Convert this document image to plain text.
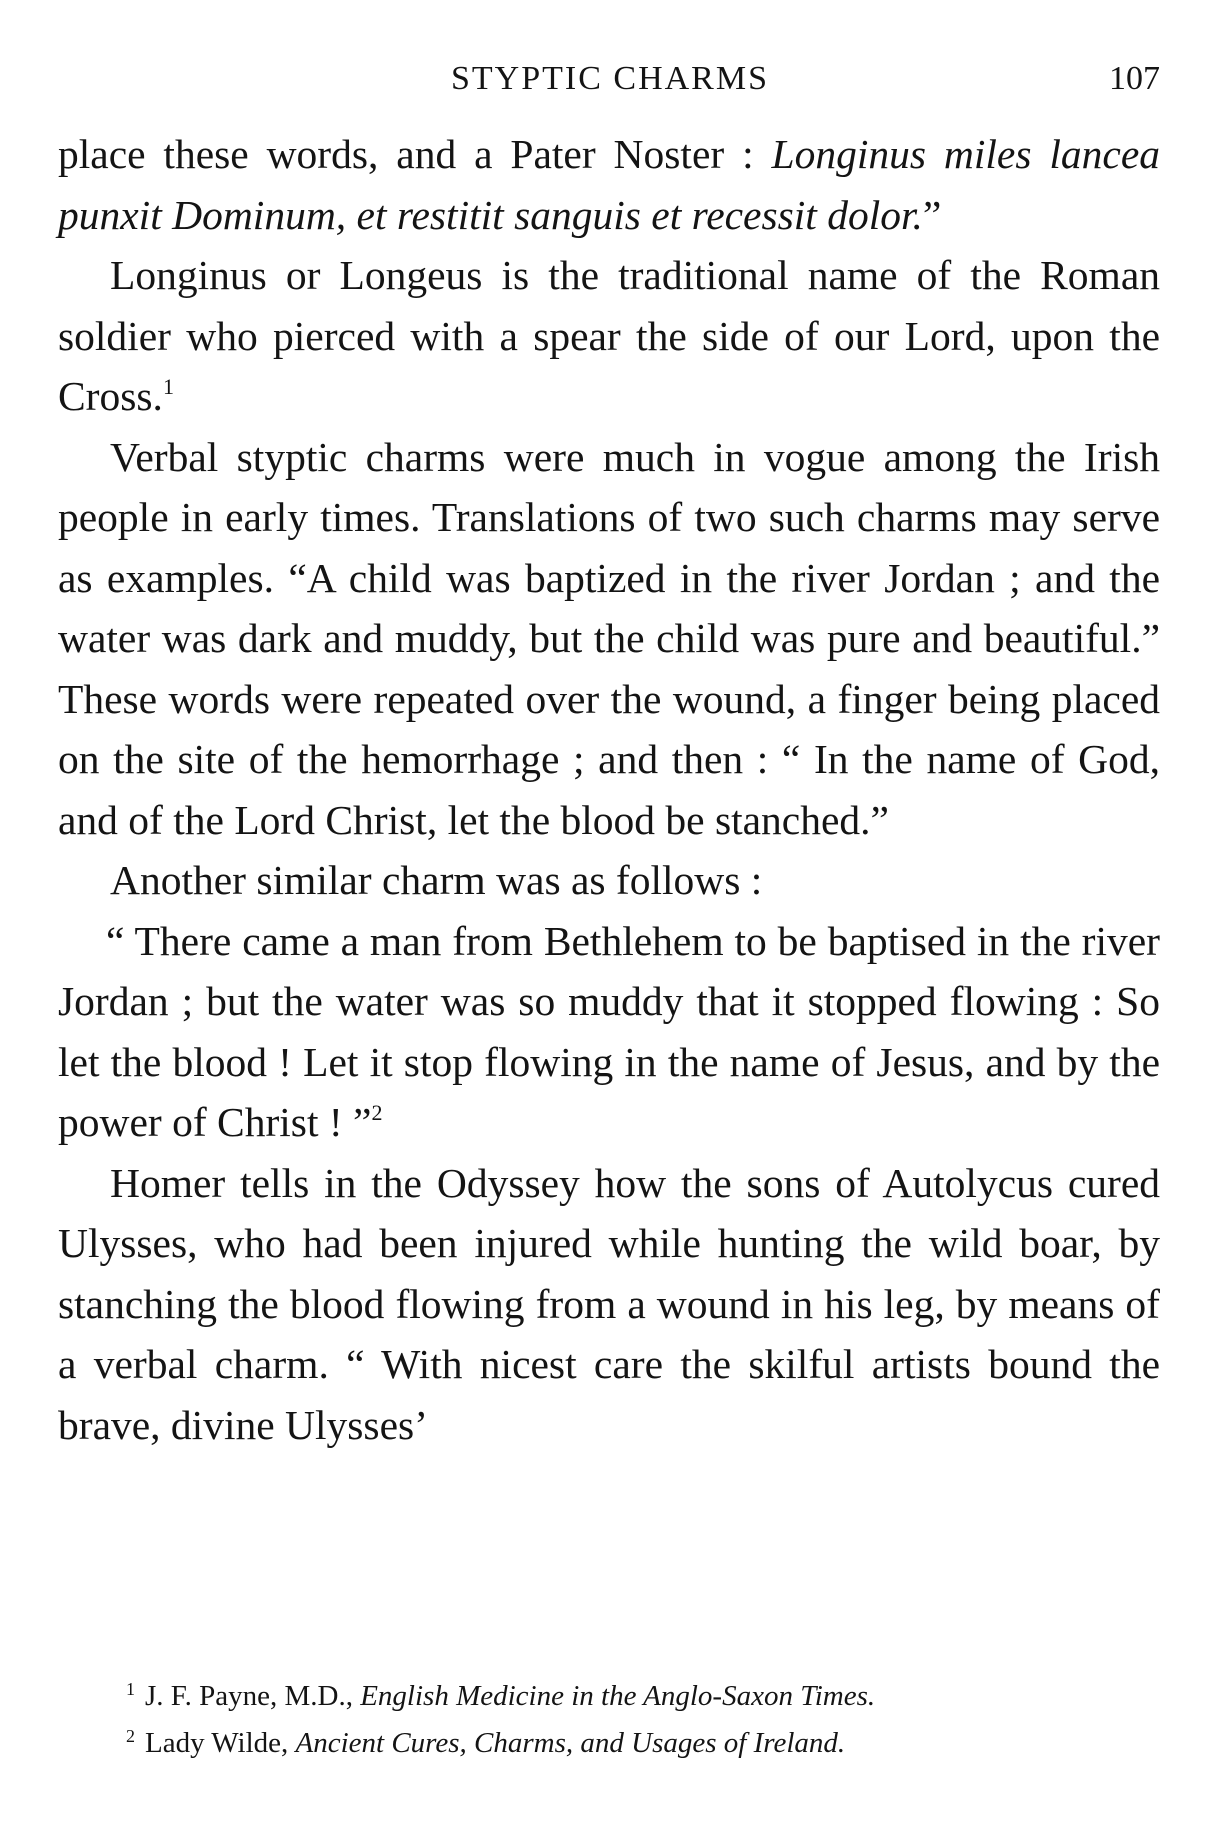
STYPTIC CHARMS	107

place these words, and a Pater Noster : Longinus miles lancea punxit Dominum, et restitit sanguis et recessit dolor.”

Longinus or Longeus is the traditional name of the Roman soldier who pierced with a spear the side of our Lord, upon the Cross.$^1$

Verbal styptic charms were much in vogue among the Irish people in early times. Translations of two such charms may serve as examples. “A child was baptized in the river Jordan ; and the water was dark and muddy, but the child was pure and beautiful.” These words were repeated over the wound, a finger being placed on the site of the hemorrhage ; and then : “ In the name of God, and of the Lord Christ, let the blood be stanched.”

Another similar charm was as follows :

“ There came a man from Bethlehem to be baptised in the river Jordan ; but the water was so muddy that it stopped flowing : So let the blood ! Let it stop flowing in the name of Jesus, and by the power of Christ ! ”$^2$

Homer tells in the Odyssey how the sons of Autolycus cured Ulysses, who had been injured while hunting the wild boar, by stanching the blood flowing from a wound in his leg, by means of a verbal charm. “ With nicest care the skilful artists bound the brave, divine Ulysses’

$^1$ J. F. Payne, M.D., English Medicine in the Anglo-Saxon Times.

$^2$ Lady Wilde, Ancient Cures, Charms, and Usages of Ireland.
